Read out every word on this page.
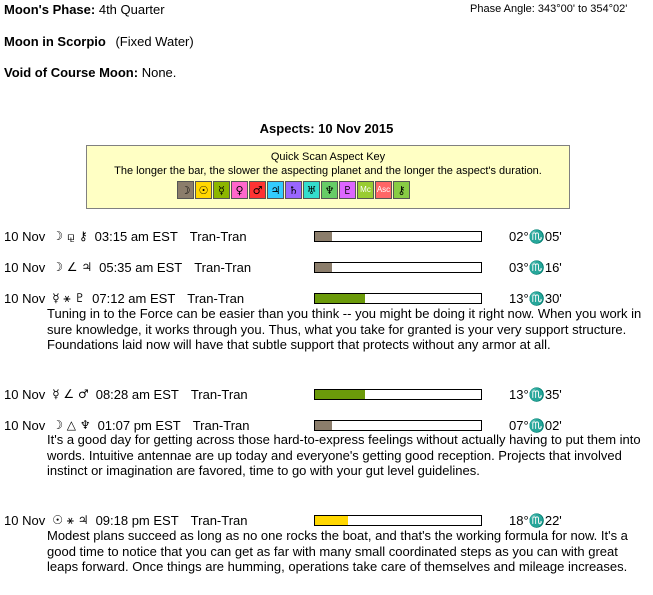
Moon's Phase: 4th Quarter	Phase Angle: 343°00' to 354°02'
Moon in Scorpio (Fixed Water)
Void of Course Moon: None.
Aspects: 10 Nov 2015
Quick Scan Aspect Key
The longer the bar, the slower the aspecting planet and the longer the aspect's duration.
☽ ☉ ☿ ♀ ♂ ♃ ♄ ♅ ♆ ♇ Mc Asc ⚷
10 Nov ☽ ⚼ ⚷ 03:15 am EST Tran-Tran	02°♏05'
10 Nov ☽ ∠ ♃ 05:35 am EST Tran-Tran	03°♏16'
10 Nov ☿ ⚹ ♇ 07:12 am EST Tran-Tran	13°♏30'
Tuning in to the Force can be easier than you think -- you might be doing it right now. When you work in sure knowledge, it works through you. Thus, what you take for granted is your very support structure. Foundations laid now will have that subtle support that protects without any armor at all.
10 Nov ☿ ∠ ♂ 08:28 am EST Tran-Tran	13°♏35'
10 Nov ☽ △ ♆ 01:07 pm EST Tran-Tran	07°♏02'
It's a good day for getting across those hard-to-express feelings without actually having to put them into words. Intuitive antennae are up today and everyone's getting good reception. Projects that involved instinct or imagination are favored, time to go with your gut level guidelines.
10 Nov ☉ ⚹ ♃ 09:18 pm EST Tran-Tran	18°♏22'
Modest plans succeed as long as no one rocks the boat, and that's the working formula for now. It's a good time to notice that you can get as far with many small coordinated steps as you can with great leaps forward. Once things are humming, operations take care of themselves and mileage increases.
